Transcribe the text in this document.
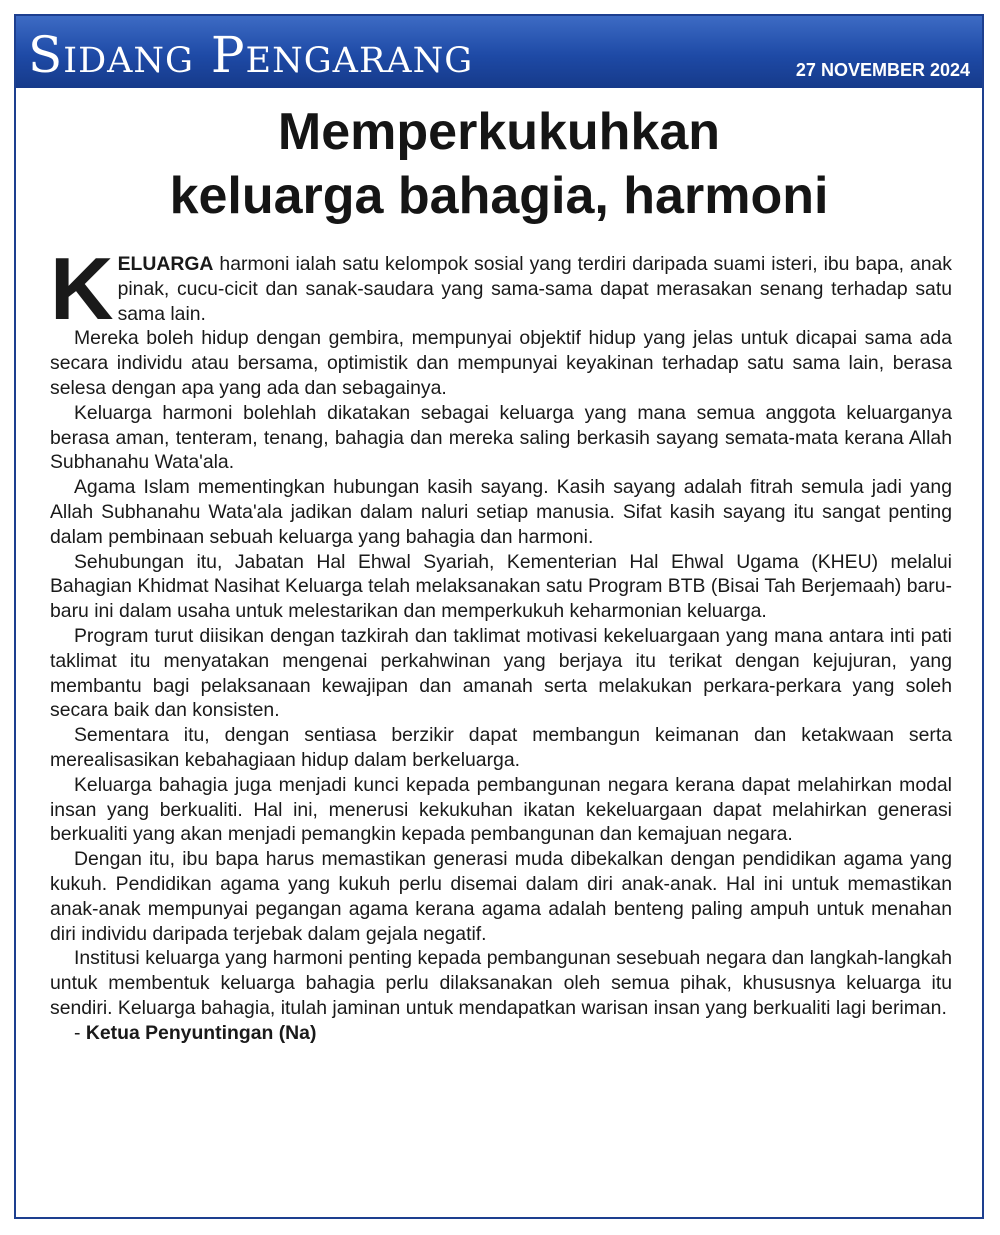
Sidang Pengarang	27 NOVEMBER 2024
Memperkukuhkan
keluarga bahagia, harmoni

KELUARGA harmoni ialah satu kelompok sosial yang terdiri daripada suami isteri, ibu bapa, anak pinak, cucu-cicit dan sanak-saudara yang sama-sama dapat merasakan senang terhadap satu sama lain.

Mereka boleh hidup dengan gembira, mempunyai objektif hidup yang jelas untuk dicapai sama ada secara individu atau bersama, optimistik dan mempunyai keyakinan terhadap satu sama lain, berasa selesa dengan apa yang ada dan sebagainya.

Keluarga harmoni bolehlah dikatakan sebagai keluarga yang mana semua anggota keluarganya berasa aman, tenteram, tenang, bahagia dan mereka saling berkasih sayang semata-mata kerana Allah Subhanahu Wata'ala.

Agama Islam mementingkan hubungan kasih sayang. Kasih sayang adalah fitrah semula jadi yang Allah Subhanahu Wata'ala jadikan dalam naluri setiap manusia. Sifat kasih sayang itu sangat penting dalam pembinaan sebuah keluarga yang bahagia dan harmoni.

Sehubungan itu, Jabatan Hal Ehwal Syariah, Kementerian Hal Ehwal Ugama (KHEU) melalui Bahagian Khidmat Nasihat Keluarga telah melaksanakan satu Program BTB (Bisai Tah Berjemaah) baru-baru ini dalam usaha untuk melestarikan dan memperkukuh keharmonian keluarga.

Program turut diisikan dengan tazkirah dan taklimat motivasi kekeluargaan yang mana antara inti pati taklimat itu menyatakan mengenai perkahwinan yang berjaya itu terikat dengan kejujuran, yang membantu bagi pelaksanaan kewajipan dan amanah serta melakukan perkara-perkara yang soleh secara baik dan konsisten.

Sementara itu, dengan sentiasa berzikir dapat membangun keimanan dan ketakwaan serta merealisasikan kebahagiaan hidup dalam berkeluarga.

Keluarga bahagia juga menjadi kunci kepada pembangunan negara kerana dapat melahirkan modal insan yang berkualiti. Hal ini, menerusi kekukuhan ikatan kekeluargaan dapat melahirkan generasi berkualiti yang akan menjadi pemangkin kepada pembangunan dan kemajuan negara.

Dengan itu, ibu bapa harus memastikan generasi muda dibekalkan dengan pendidikan agama yang kukuh. Pendidikan agama yang kukuh perlu disemai dalam diri anak-anak. Hal ini untuk memastikan anak-anak mempunyai pegangan agama kerana agama adalah benteng paling ampuh untuk menahan diri individu daripada terjebak dalam gejala negatif.

Institusi keluarga yang harmoni penting kepada pembangunan sesebuah negara dan langkah-langkah untuk membentuk keluarga bahagia perlu dilaksanakan oleh semua pihak, khususnya keluarga itu sendiri. Keluarga bahagia, itulah jaminan untuk mendapatkan warisan insan yang berkualiti lagi beriman.

- Ketua Penyuntingan (Na)
